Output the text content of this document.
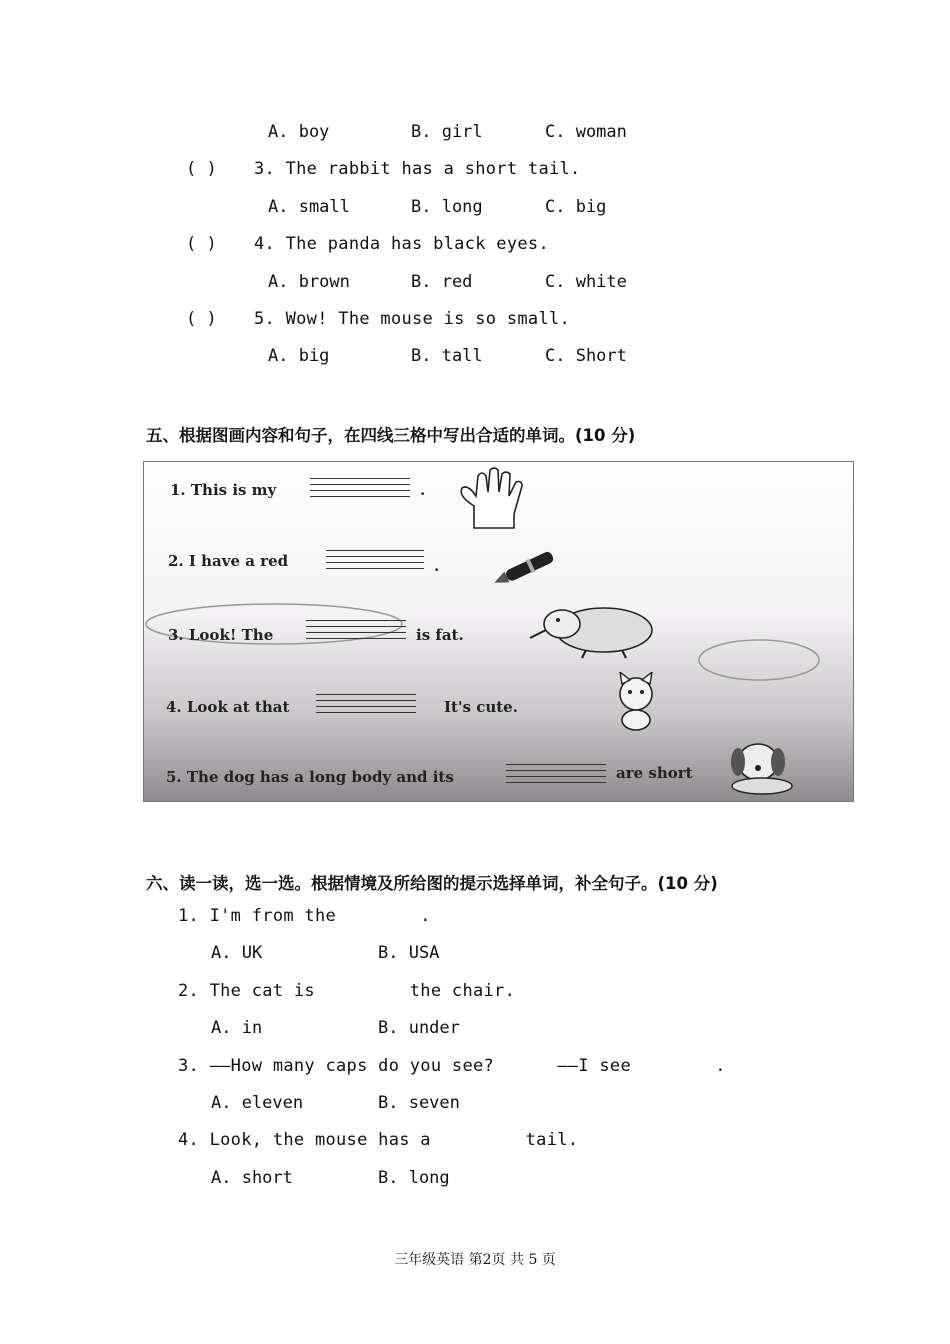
A. boy	B. girl	C. woman
( ) 3. The rabbit has a short tail.
A. small	B. long	C. big
( ) 4. The panda has black eyes.
A. brown	B. red	C. white
( ) 5. Wow! The mouse is so small.
A. big	B. tall	C. Short
五、根据图画内容和句子，在四线三格中写出合适的单词。(10 分)
1. This is my	.
2. I have a red	.
3. Look! The	is fat.
4. Look at that	It's cute.
5. The dog has a long body and its	are short
六、读一读，选一选。根据情境及所给图的提示选择单词，补全句子。(10 分)
1. I'm from the        .
A. UK	B. USA
2. The cat is         the chair.
A. in	B. under
3. ——How many caps do you see?      ——I see        .
A. eleven	B. seven
4. Look, the mouse has a         tail.
A. short	B. long
三年级英语 第2页 共 5 页
